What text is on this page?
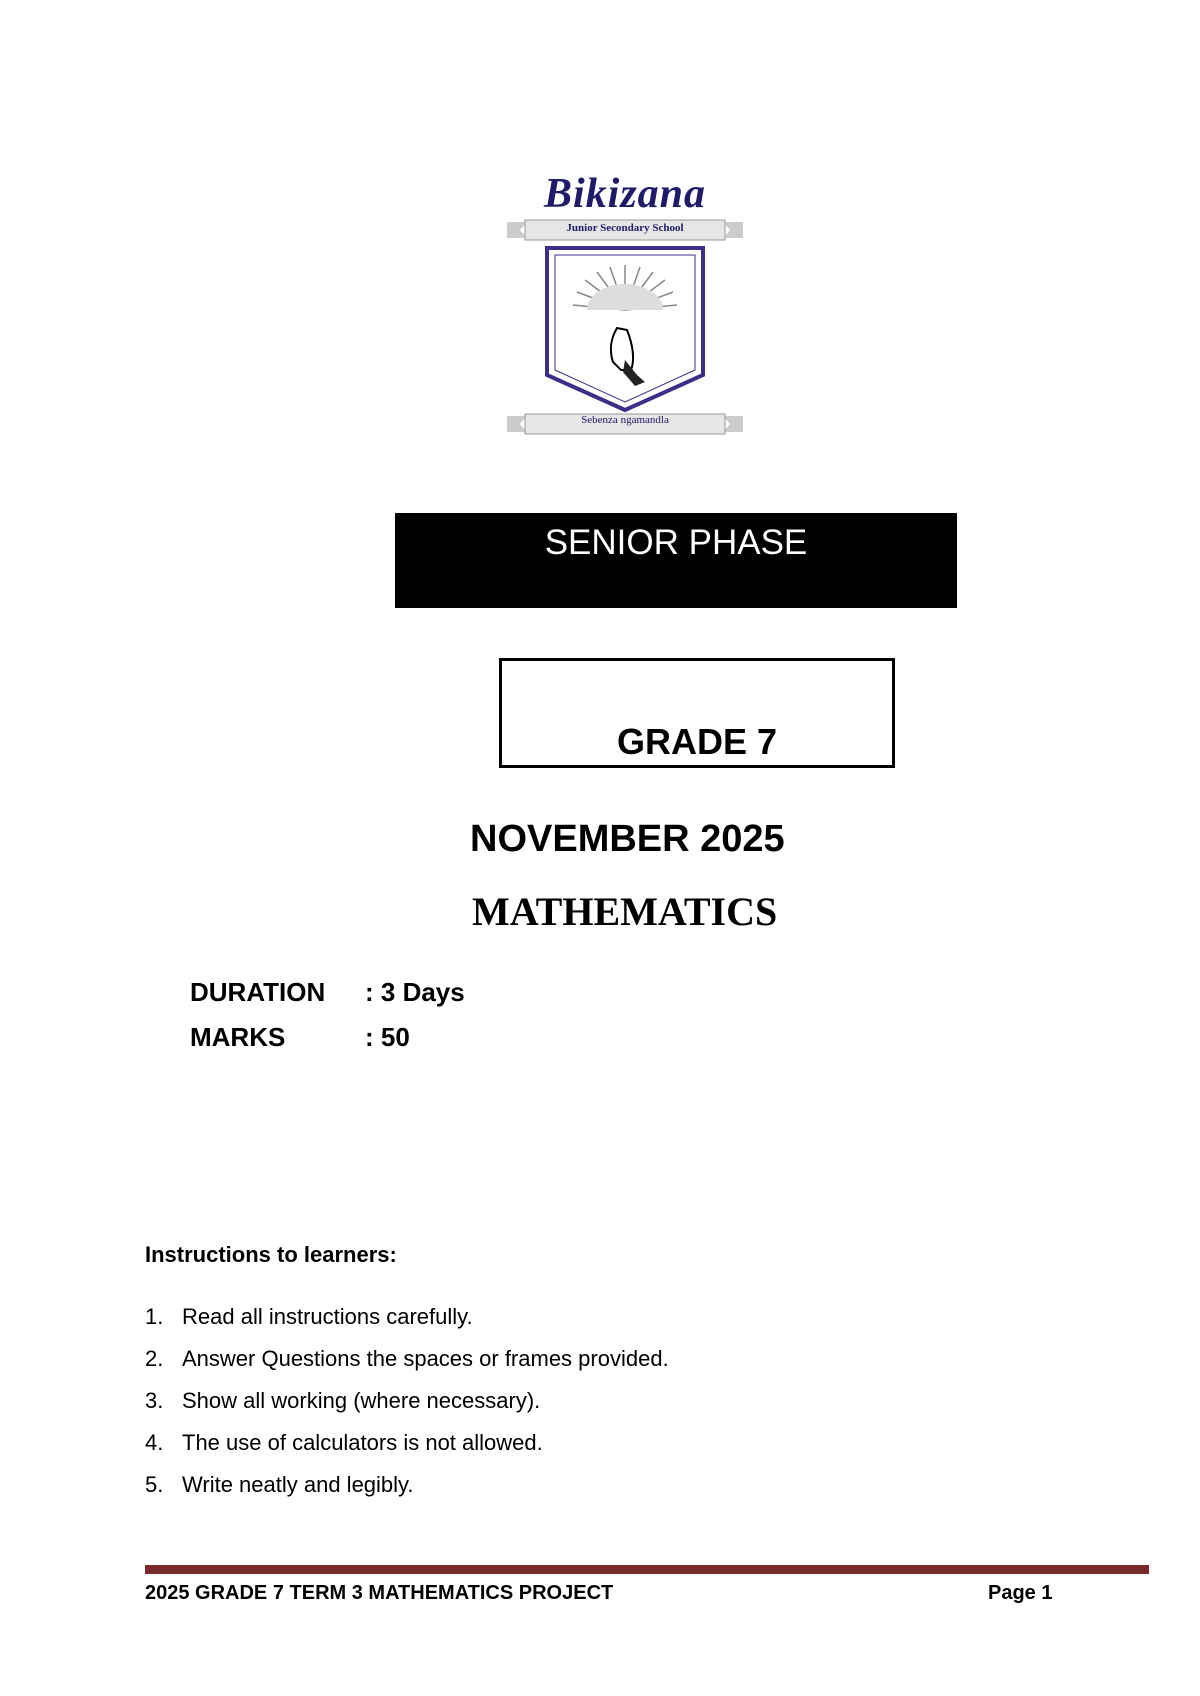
Bikizana
Junior Secondary School
Sebenza ngamandla
SENIOR PHASE
GRADE 7
NOVEMBER 2025
MATHEMATICS
DURATION : 3 Days
MARKS	: 50
Instructions to learners:
1. Read all instructions carefully.
2. Answer Questions the spaces or frames provided.
3. Show all working (where necessary).
4. The use of calculators is not allowed.
5. Write neatly and legibly.
2025 GRADE 7 TERM 3 MATHEMATICS PROJECT	Page 1
